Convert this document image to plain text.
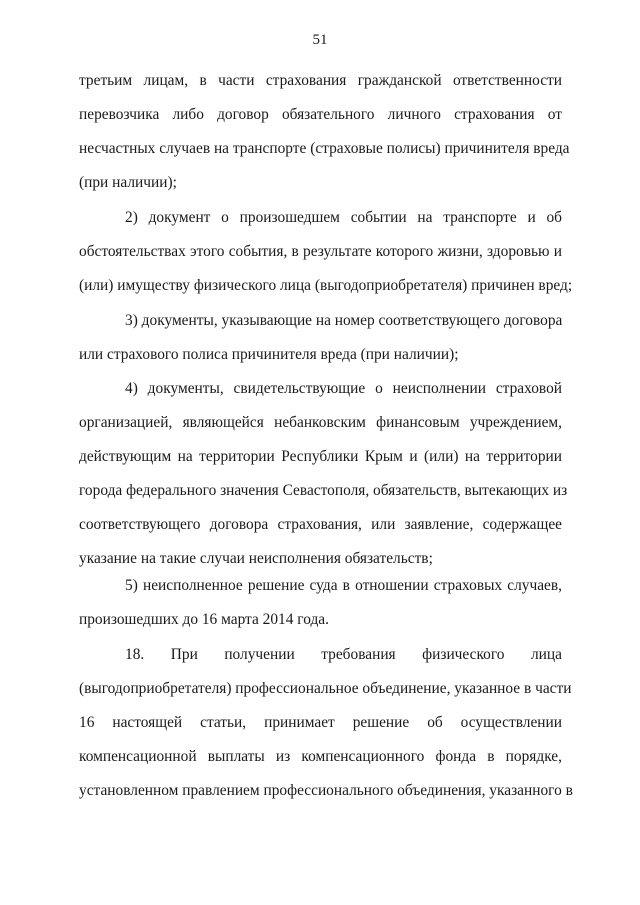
51
третьим лицам, в части страхования гражданской ответственности
перевозчика либо договор обязательного личного страхования от
несчастных случаев на транспорте (страховые полисы) причинителя вреда
(при наличии);
2) документ о произошедшем событии на транспорте и об
обстоятельствах этого события, в результате которого жизни, здоровью и
(или) имуществу физического лица (выгодоприобретателя) причинен вред;
3) документы, указывающие на номер соответствующего договора
или страхового полиса причинителя вреда (при наличии);
4) документы, свидетельствующие о неисполнении страховой
организацией, являющейся небанковским финансовым учреждением,
действующим на территории Республики Крым и (или) на территории
города федерального значения Севастополя, обязательств, вытекающих из
соответствующего договора страхования, или заявление, содержащее
указание на такие случаи неисполнения обязательств;
5) неисполненное решение суда в отношении страховых случаев,
произошедших до 16 марта 2014 года.
18. При получении требования физического лица
(выгодоприобретателя) профессиональное объединение, указанное в части
16 настоящей статьи, принимает решение об осуществлении
компенсационной выплаты из компенсационного фонда в порядке,
установленном правлением профессионального объединения, указанного в
